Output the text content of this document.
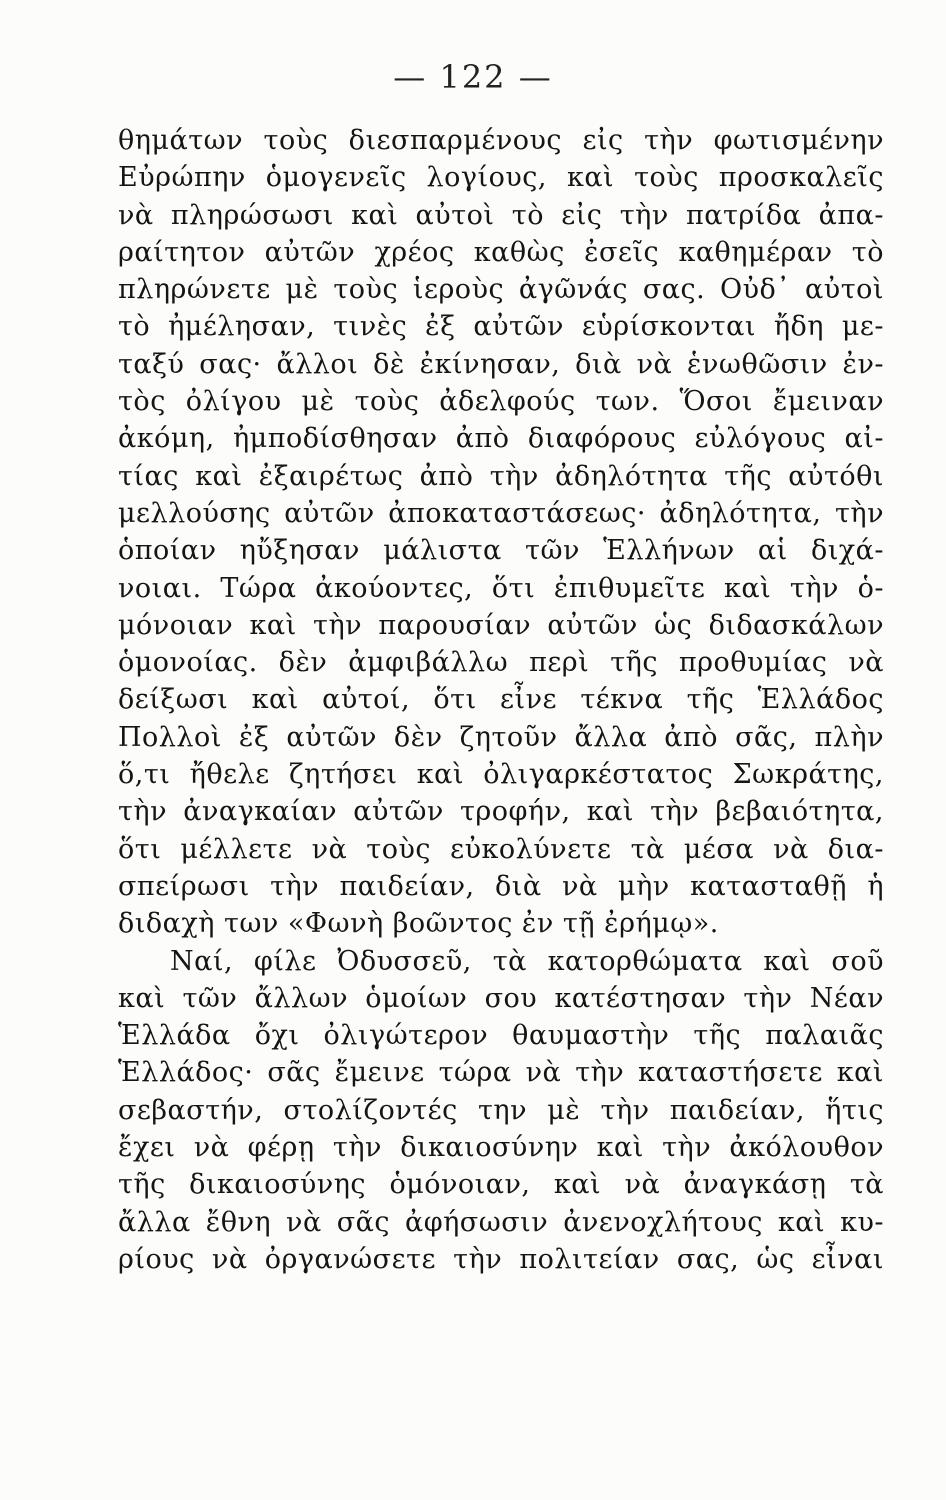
— 122 —
θημάτων τοὺς διεσπαρμένους εἰς τὴν φωτισμένην
Εὐρώπην ὁμογενεῖς λογίους, καὶ τοὺς προσκαλεῖς
νὰ πληρώσωσι καὶ αὐτοὶ τὸ εἰς τὴν πατρίδα ἀπα-
ραίτητον αὐτῶν χρέος καθὼς ἐσεῖς καθημέραν τὸ
πληρώνετε μὲ τοὺς ἱεροὺς ἀγῶνάς σας. Οὐδ᾽ αὐτοὶ
τὸ ἠμέλησαν, τινὲς ἐξ αὐτῶν εὑρίσκονται ἤδη με-
ταξύ σας· ἄλλοι δὲ ἐκίνησαν, διὰ νὰ ἑνωθῶσιν ἐν-
τὸς ὀλίγου μὲ τοὺς ἀδελφούς των. Ὅσοι ἔμειναν
ἀκόμη, ἠμποδίσθησαν ἀπὸ διαφόρους εὐλόγους αἰ-
τίας καὶ ἐξαιρέτως ἀπὸ τὴν ἀδηλότητα τῆς αὐτόθι
μελλούσης αὐτῶν ἀποκαταστάσεως· ἀδηλότητα, τὴν
ὁποίαν ηὔξησαν μάλιστα τῶν Ἑλλήνων αἱ διχά-
νοιαι. Τώρα ἀκούοντες, ὅτι ἐπιθυμεῖτε καὶ τὴν ὁ-
μόνοιαν καὶ τὴν παρουσίαν αὐτῶν ὡς διδασκάλων
ὁμονοίας. δὲν ἀμφιβάλλω περὶ τῆς προθυμίας νὰ
δείξωσι καὶ αὐτοί, ὅτι εἶνε τέκνα τῆς Ἑλλάδος
Πολλοὶ ἐξ αὐτῶν δὲν ζητοῦν ἄλλα ἀπὸ σᾶς, πλὴν
ὅ,τι ἤθελε ζητήσει καὶ ὀλιγαρκέστατος Σωκράτης,
τὴν ἀναγκαίαν αὐτῶν τροφήν, καὶ τὴν βεβαιότητα,
ὅτι μέλλετε νὰ τοὺς εὐκολύνετε τὰ μέσα νὰ δια-
σπείρωσι τὴν παιδείαν, διὰ νὰ μὴν κατασταθῇ ἡ
διδαχὴ των «Φωνὴ βοῶντος ἐν τῇ ἐρήμῳ».
Ναί, φίλε Ὀδυσσεῦ, τὰ κατορθώματα καὶ σοῦ
καὶ τῶν ἄλλων ὁμοίων σου κατέστησαν τὴν Νέαν
Ἑλλάδα ὄχι ὀλιγώτερον θαυμαστὴν τῆς παλαιᾶς
Ἑλλάδος· σᾶς ἔμεινε τώρα νὰ τὴν καταστήσετε καὶ
σεβαστήν, στολίζοντές την μὲ τὴν παιδείαν, ἥτις
ἔχει νὰ φέρῃ τὴν δικαιοσύνην καὶ τὴν ἀκόλουθον
τῆς δικαιοσύνης ὁμόνοιαν, καὶ νὰ ἀναγκάσῃ τὰ
ἄλλα ἔθνη νὰ σᾶς ἀφήσωσιν ἀνενοχλήτους καὶ κυ-
ρίους νὰ ὀργανώσετε τὴν πολιτείαν σας, ὡς εἶναι
